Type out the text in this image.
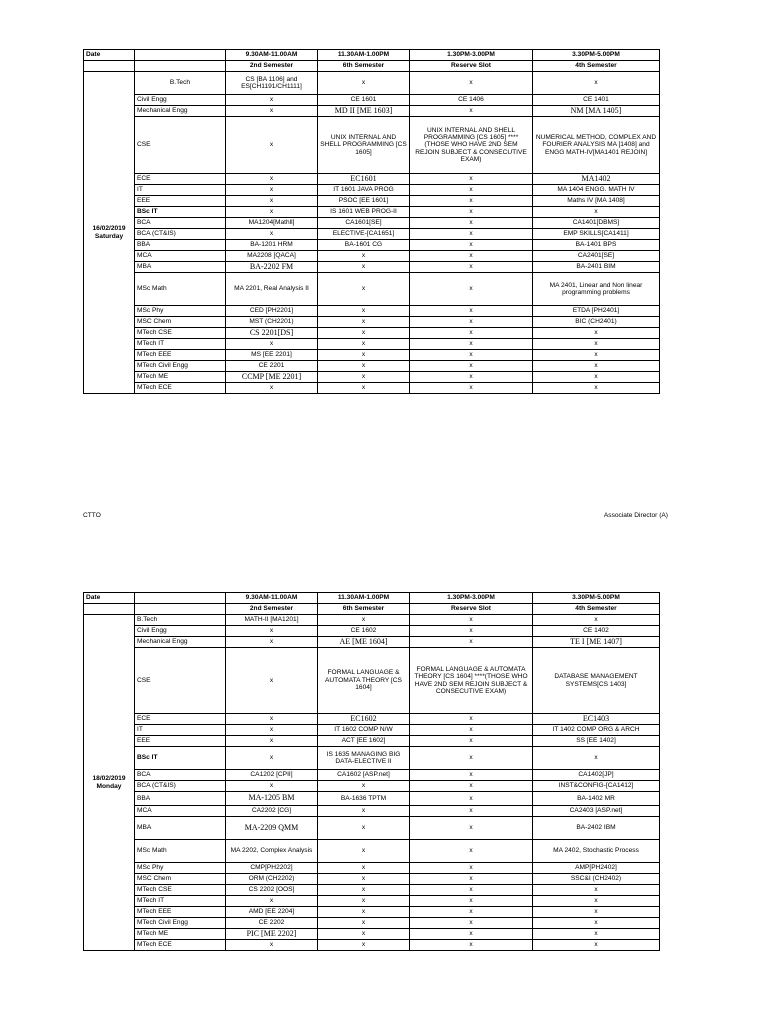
Date		9.30AM-11.00AM	11.30AM-1.00PM	1.30PM-3.00PM	3.30PM-5.00PM
		2nd Semester	6th Semester	Reserve Slot	4th Semester

16/02/2019
Saturday	B.Tech	CS [BA 1106] and ES[CH1191/CH1111]	x	x	x
	Civil Engg	x	CE 1601	CE 1406	CE 1401
	Mechanical Engg	x	MD II [ME 1603]	x	NM [MA 1405]
	CSE	x	UNIX INTERNAL AND SHELL PROGRAMMING [CS 1605]	UNIX INTERNAL AND SHELL PROGRAMMING [CS 1605] ****(THOSE WHO HAVE 2ND SEM REJOIN SUBJECT & CONSECUTIVE EXAM)	NUMERICAL METHOD, COMPLEX AND FOURIER ANALYSIS MA [1408] and ENGG MATH-IV[MA1401 REJOIN]
	ECE	x	EC1601	x	MA1402
	IT	x	IT 1601 JAVA PROG	x	MA 1404 ENGG. MATH IV
	EEE	x	PSOC [EE 1601]	x	Maths IV [MA 1408]
	BSc IT	x	IS 1601 WEB PROG-II	x	x
	BCA	MA1204[Mathll]	CA1601[SE]	x	CA1401[DBMS]
	BCA (CT&IS)	x	ELECTIVE-[CA1651]	x	EMP SKILLS[CA1411]
	BBA	BA-1201 HRM	BA-1601 CG	x	BA-1401 BPS
	MCA	MA2208 [QACA]	x	x	CA2401[SE]
	MBA	BA-2202 FM	x	x	BA-2401 BIM
	MSc Math	MA 2201, Real Analysis II	x	x	MA 2401, Linear and Non linear programming problems
	MSc Phy	CED [PH2201]	x	x	ETDA [PH2401]
	MSC Chem	MST (CH2201)	x	x	BIC (CH2401)
	MTech CSE	CS 2201[DS]	x	x	x
	MTech IT	x	x	x	x
	MTech EEE	MS [EE 2201]	x	x	x
	MTech Civil Engg	CE 2201	x	x	x
	MTech ME	CCMP [ME 2201]	x	x	x
	MTech ECE	x	x	x	x
CTTO	Associate Director (A)
Date		9.30AM-11.00AM	11.30AM-1.00PM	1.30PM-3.00PM	3.30PM-5.00PM
		2nd Semester	6th Semester	Reserve Slot	4th Semester

18/02/2019
Monday	B.Tech	MATH-II [MA1201]	x	x	x
	Civil Engg	x	CE 1602	x	CE 1402
	Mechanical Engg	x	AE [ME 1604]	x	TE I [ME 1407]
	CSE	x	FORMAL LANGUAGE & AUTOMATA THEORY [CS 1604]	FORMAL LANGUAGE & AUTOMATA THEORY [CS 1604] ****(THOSE WHO HAVE 2ND SEM REJOIN SUBJECT & CONSECUTIVE EXAM)	DATABASE MANAGEMENT SYSTEMS[CS 1403]
	ECE	x	EC1602	x	EC1403
	IT	x	IT 1602 COMP N/W	x	IT 1402 COMP ORG & ARCH
	EEE	x	ACT [EE 1602]	x	SS [EE 1402]
	BSc IT	x	IS 1635 MANAGING BIG DATA-ELECTIVE II	x	x
	BCA	CA1202 [CPII]	CA1602 [ASP.net]	x	CA1402[JP]
	BCA (CT&IS)	x	x	x	INST&CONFIG-[CA1412]
	BBA	MA-1205 BM	BA-1636 TPTM	x	BA-1402 MR
	MCA	CA2202 [CG]	x	x	CA2403 [ASP.net]
	MBA	MA-2209 QMM	x	x	BA-2402 IBM
	MSc Math	MA 2202, Complex Analysis	x	x	MA 2402, Stochastic Process
	MSc Phy	CMP[PH2202]	x	x	AMP[PH2402]
	MSC Chem	ORM (CH2202)	x	x	SSC&I (CH2402)
	MTech CSE	CS 2202 [OOS]	x	x	x
	MTech IT	x	x	x	x
	MTech EEE	AMD [EE 2204]	x	x	x
	MTech Civil Engg	CE 2202	x	x	x
	MTech ME	PIC [ME 2202]	x	x	x
	MTech ECE	x	x	x	x
